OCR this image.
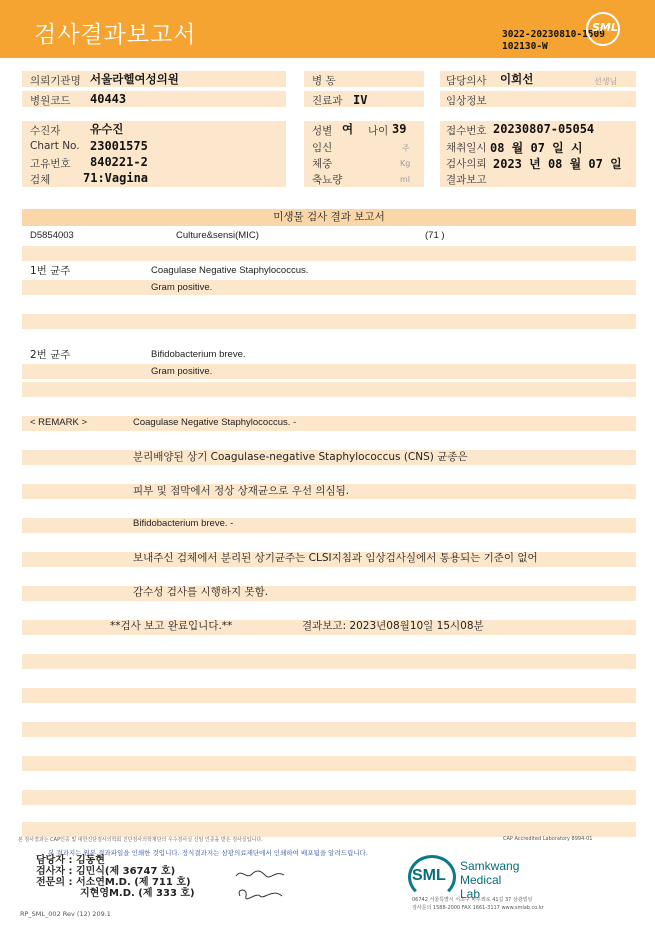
검사결과보고서	3022-20230810-1509
102130-W
SML
의뢰기관명 서울라헬여성의원	병 동	담당의사 이희선	선생님
병원코드 40443	진료과 IV	임상정보
수진자	유수진	성별 여 나이 39	접수번호 20230807-05054
Chart No. 23001575	임신	주	채취일시 08 월 07 일 시
고유번호 840221-2	체중	Kg	검사의뢰 2023 년 08 월 07 일
검체	71:Vagina	축뇨량	ml	결과보고
미생물 검사 결과 보고서
D5854003	Culture&sensi(MIC)	(71 )
1번 균주	Coagulase Negative Staphylococcus.
Gram positive.
2번 균주	Bifidobacterium breve.
Gram positive.
< REMARK >	Coagulase Negative Staphylococcus. -
분리배양된 상기 Coagulase-negative Staphylococcus (CNS) 균종은
피부 및 점막에서 정상 상재균으로 우선 의심됨.
Bifidobacterium breve. -
보내주신 검체에서 분리된 상기균주는 CLSI지침과 임상검사실에서 통용되는 기준이 없어
감수성 검사를 시행하지 못함.
**검사 보고 완료입니다.**	결과보고: 2023년08월10일 15시08분
본 검사결과는 CAP인증 및 대한진단검사의학회 진단검사의학재단의 우수검사실 신임 인증을 받은 검사실입니다.	CAP Accredited Laboratory 8994-01
본 결과지는 원본 결과파일을 인쇄한 것입니다. 정식결과지는 삼광의료재단에서 인쇄하여 배포됨을 알려드립니다.
담당자 : 김동현
검사자 : 김민식(제 36747 호)
전문의 : 서소연M.D. (제 711 호)
지현영M.D. (제 333 호)
SML
Samkwang
Medical Lab
06742 서울특별시 서초구 바우뫼로 41길 37 삼광빌딩
검사문의 1588-2000 FAX 1661-3117 www.smlab.co.kr
RP_SML_002 Rev (12) 209.1
